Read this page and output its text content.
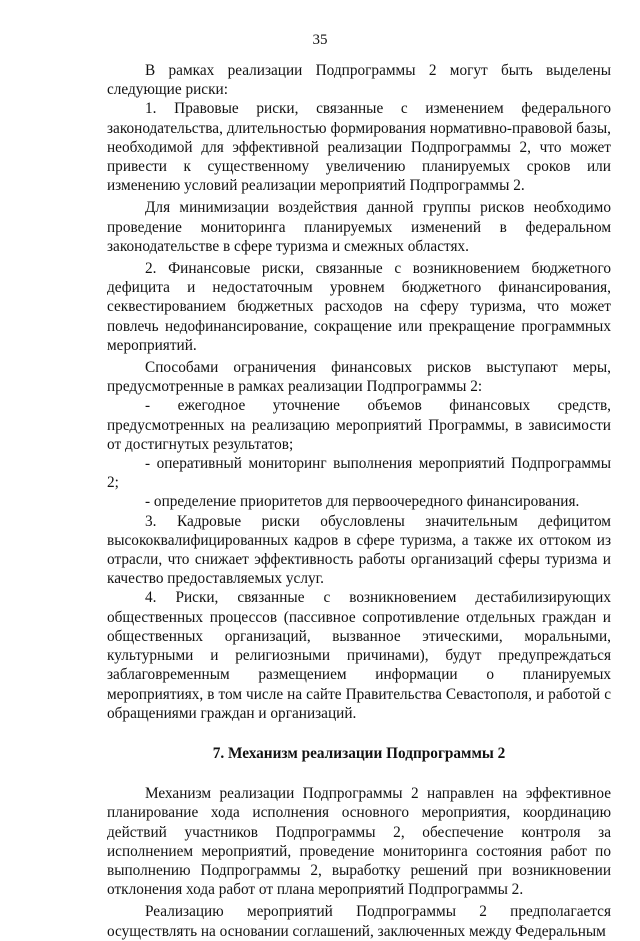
35

В рамках реализации Подпрограммы 2 могут быть выделены следующие риски:

1. Правовые риски, связанные с изменением федерального законодательства, длительностью формирования нормативно-правовой базы, необходимой для эффективной реализации Подпрограммы 2, что может привести к существенному увеличению планируемых сроков или изменению условий реализации мероприятий Подпрограммы 2.

Для минимизации воздействия данной группы рисков необходимо проведение мониторинга планируемых изменений в федеральном законодательстве в сфере туризма и смежных областях.

2. Финансовые риски, связанные с возникновением бюджетного дефицита и недостаточным уровнем бюджетного финансирования, секвестированием бюджетных расходов на сферу туризма, что может повлечь недофинансирование, сокращение или прекращение программных мероприятий.

Способами ограничения финансовых рисков выступают меры, предусмотренные в рамках реализации Подпрограммы 2:

- ежегодное уточнение объемов финансовых средств, предусмотренных на реализацию мероприятий Программы, в зависимости от достигнутых результатов;

- оперативный мониторинг выполнения мероприятий Подпрограммы 2;

- определение приоритетов для первоочередного финансирования.

3. Кадровые риски обусловлены значительным дефицитом высококвалифицированных кадров в сфере туризма, а также их оттоком из отрасли, что снижает эффективность работы организаций сферы туризма и качество предоставляемых услуг.

4. Риски, связанные с возникновением дестабилизирующих общественных процессов (пассивное сопротивление отдельных граждан и общественных организаций, вызванное этическими, моральными, культурными и религиозными причинами), будут предупреждаться заблаговременным размещением информации о планируемых мероприятиях, в том числе на сайте Правительства Севастополя, и работой с обращениями граждан и организаций.

7. Механизм реализации Подпрограммы 2

Механизм реализации Подпрограммы 2 направлен на эффективное планирование хода исполнения основного мероприятия, координацию действий участников Подпрограммы 2, обеспечение контроля за исполнением мероприятий, проведение мониторинга состояния работ по выполнению Подпрограммы 2, выработку решений при возникновении отклонения хода работ от плана мероприятий Подпрограммы 2.

Реализацию мероприятий Подпрограммы 2 предполагается осуществлять на основании соглашений, заключенных между Федеральным
